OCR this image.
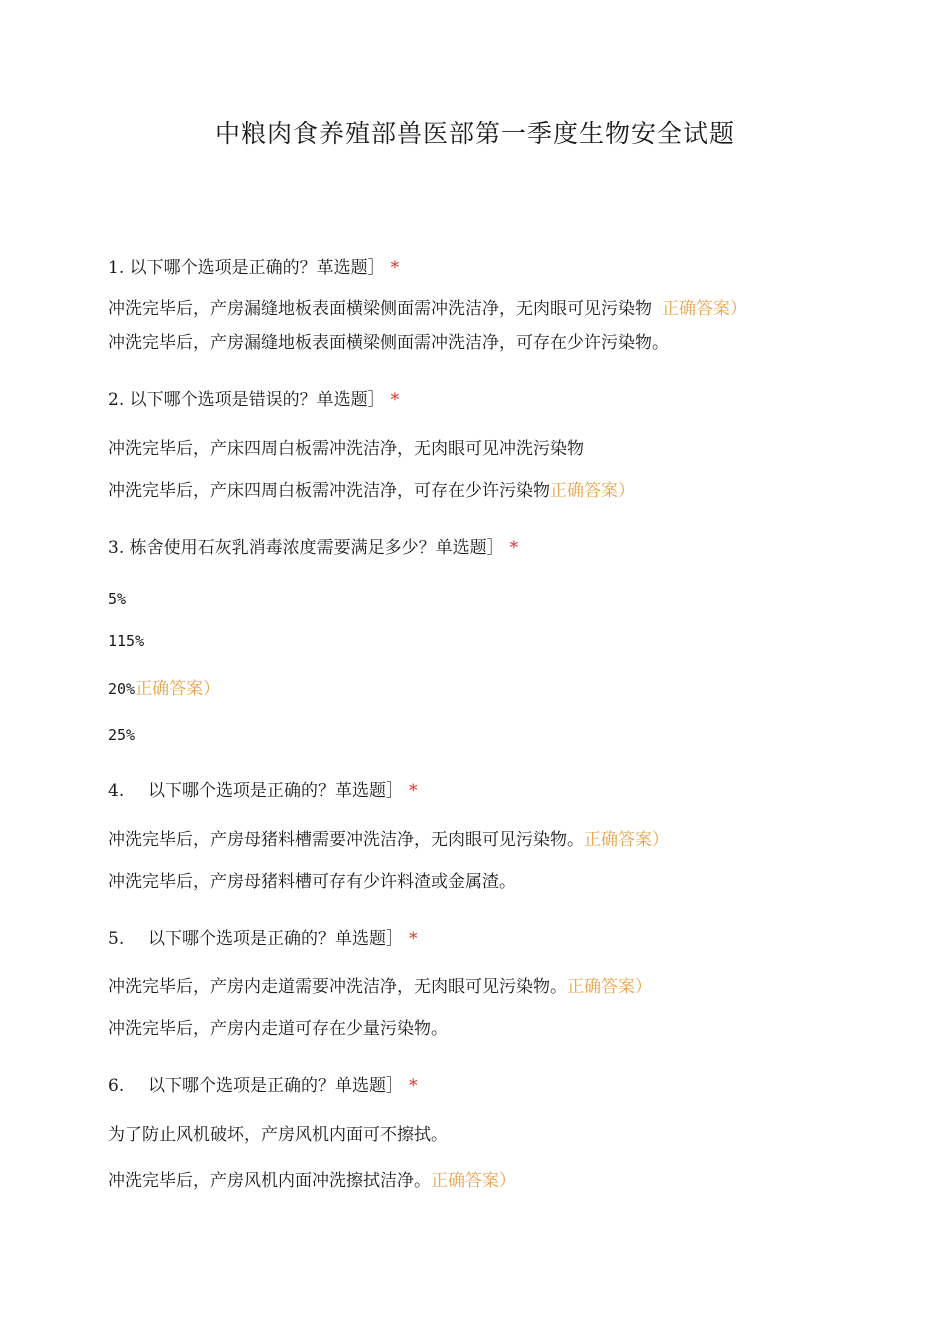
中粮肉食养殖部兽医部第一季度生物安全试题
1. 以下哪个选项是正确的？革选题］ *
冲洗完毕后，产房漏缝地板表面横梁侧面需冲洗洁净，无肉眼可见污染物 正确答案）
冲洗完毕后，产房漏缝地板表面横梁侧面需冲洗洁净，可存在少许污染物。
2. 以下哪个选项是错误的？单选题］ *
冲洗完毕后，产床四周白板需冲洗洁净，无肉眼可见冲洗污染物
冲洗完毕后，产床四周白板需冲洗洁净，可存在少许污染物正确答案）
3. 栋舍使用石灰乳消毒浓度需要满足多少？单选题］ *
5%
115%
20%正确答案）
25%
4. 以下哪个选项是正确的？革选题］ *
冲洗完毕后，产房母猪料槽需要冲洗洁净，无肉眼可见污染物。正确答案）
冲洗完毕后，产房母猪料槽可存有少许料渣或金属渣。
5. 以下哪个选项是正确的？单选题］ *
冲洗完毕后，产房内走道需要冲洗洁净，无肉眼可见污染物。正确答案）
冲洗完毕后，产房内走道可存在少量污染物。
6. 以下哪个选项是正确的？单选题］ *
为了防止风机破坏，产房风机内面可不擦拭。
冲洗完毕后，产房风机内面冲洗擦拭洁净。正确答案）
